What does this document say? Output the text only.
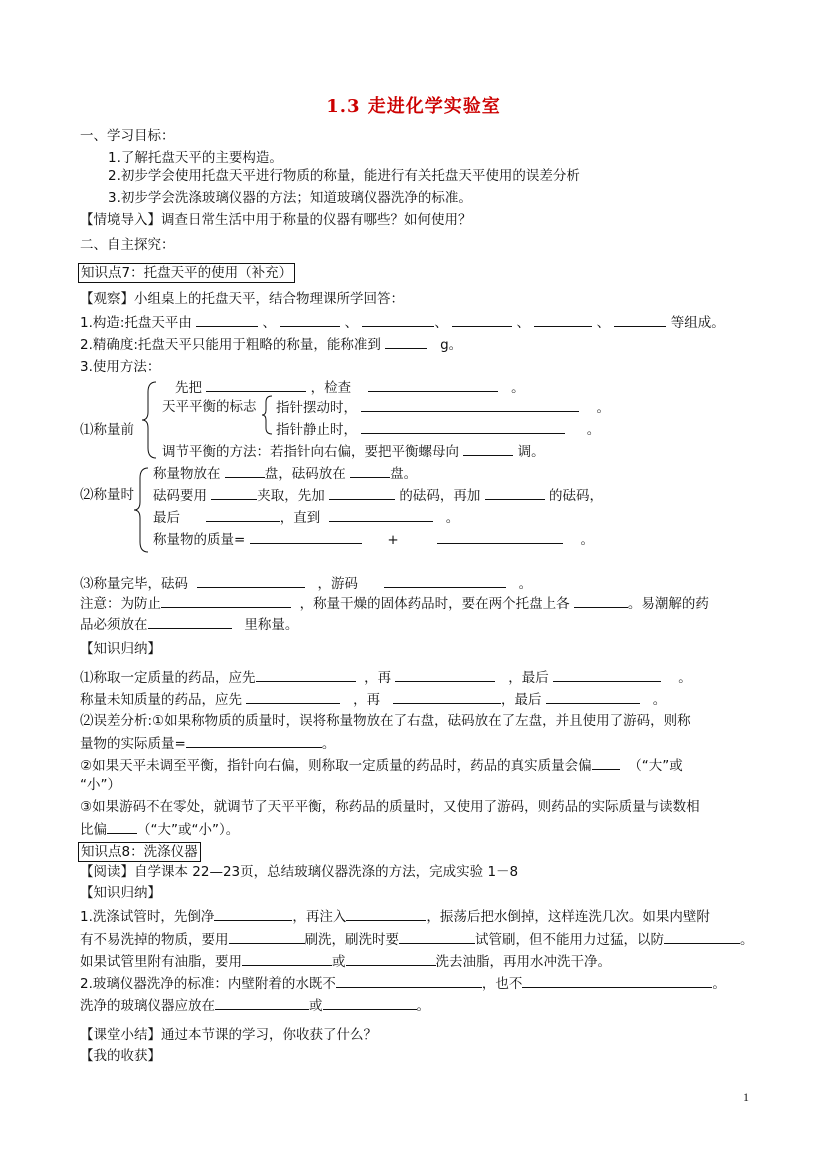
1.3 走进化学实验室
一、学习目标：
1.了解托盘天平的主要构造。
2.初步学会使用托盘天平进行物质的称量，能进行有关托盘天平使用的误差分析
3.初步学会洗涤玻璃仪器的方法；知道玻璃仪器洗净的标准。
【情境导入】调查日常生活中用于称量的仪器有哪些？如何使用？
二、自主探究：
知识点7：托盘天平的使用（补充）
【观察】小组桌上的托盘天平，结合物理课所学回答：
1.构造:托盘天平由	、	、	、	、	、	等组成。
2.精确度:托盘天平只能用于粗略的称量，能称准到	g。
3.使用方法：
⑴称量前
先把	，检查	。
天平平衡的标志 指针摆动时，	。
指针静止时，	。
调节平衡的方法：若指针向右偏，要把平衡螺母向	调。
⑵称量时
称量物放在	盘，砝码放在	盘。
砝码要用	夹取，先加	的砝码，再加	的砝码，
最后	，直到	。
称量物的质量=	+	。
⑶称量完毕，砝码	，游码	。
注意：为防止	，称量干燥的固体药品时，要在两个托盘上各	。易潮解的药
品必须放在	里称量。
【知识归纳】
⑴称取一定质量的药品，应先	，再	，最后	。
称量未知质量的药品，应先	，再	，最后	。
⑵误差分析:①如果称物质的质量时，误将称量物放在了右盘，砝码放在了左盘，并且使用了游码，则称
量物的实际质量=	。
②如果天平未调至平衡，指针向右偏，则称取一定质量的药品时，药品的真实质量会偏	（“大”或
“小”）
③如果游码不在零处，就调节了天平平衡，称药品的质量时，又使用了游码，则药品的实际质量与读数相
比偏 （“大”或“小”）。
知识点8：洗涤仪器
【阅读】自学课本 22—23页，总结玻璃仪器洗涤的方法，完成实验 1－8
【知识归纳】
1.洗涤试管时，先倒净	，再注入	，振荡后把水倒掉，这样连洗几次。如果内壁附
有不易洗掉的物质，要用	刷洗，刷洗时要	试管刷，但不能用力过猛，以防	。
如果试管里附有油脂，要用	或	洗去油脂，再用水冲洗干净。
2.玻璃仪器洗净的标准：内壁附着的水既不	，也不	。
洗净的玻璃仪器应放在	或	。
【课堂小结】通过本节课的学习，你收获了什么？
【我的收获】
1
